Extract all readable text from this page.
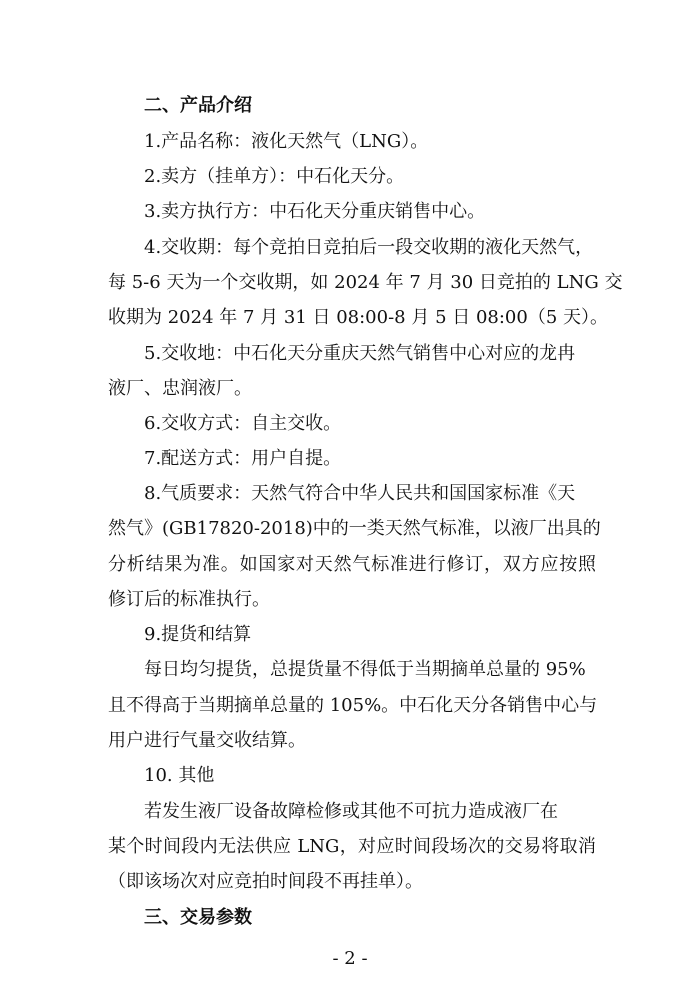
二、产品介绍
1.产品名称：液化天然气（LNG）。
2.卖方（挂单方）：中石化天分。
3.卖方执行方：中石化天分重庆销售中心。
4.交收期：每个竞拍日竞拍后一段交收期的液化天然气，
每 5-6 天为一个交收期，如 2024 年 7 月 30 日竞拍的 LNG 交
收期为 2024 年 7 月 31 日 08:00-8 月 5 日 08:00（5 天）。
5.交收地：中石化天分重庆天然气销售中心对应的龙冉
液厂、忠润液厂。
6.交收方式：自主交收。
7.配送方式：用户自提。
8.气质要求：天然气符合中华人民共和国国家标准《天
然气》(GB17820-2018)中的一类天然气标准，以液厂出具的
分析结果为准。如国家对天然气标准进行修订，双方应按照
修订后的标准执行。
9.提货和结算
每日均匀提货，总提货量不得低于当期摘单总量的 95%
且不得高于当期摘单总量的 105%。中石化天分各销售中心与
用户进行气量交收结算。
10. 其他
若发生液厂设备故障检修或其他不可抗力造成液厂在
某个时间段内无法供应 LNG，对应时间段场次的交易将取消
（即该场次对应竞拍时间段不再挂单）。
三、交易参数
- 2 -
